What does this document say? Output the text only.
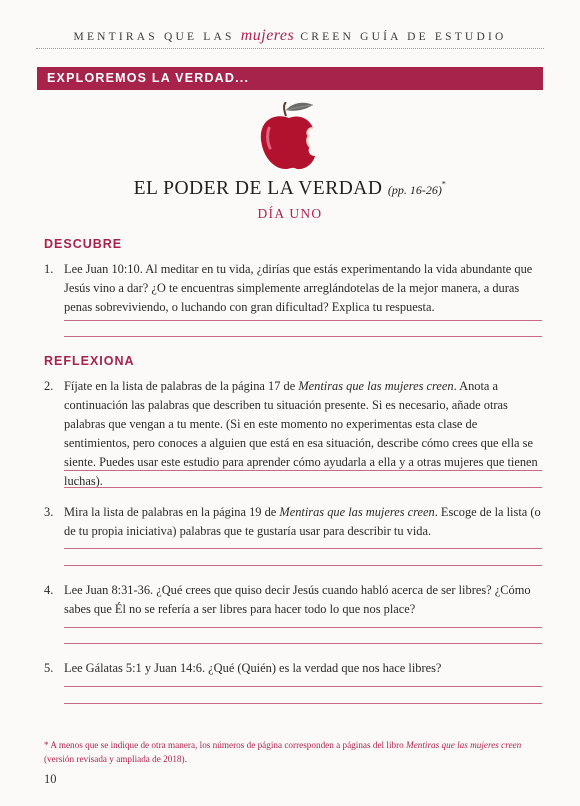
MENTIRAS QUE LAS mujeres CREEN GUÍA DE ESTUDIO
EXPLOREMOS LA VERDAD...
EL PODER DE LA VERDAD (pp. 16-26)*
DÍA UNO
DESCUBRE
1. Lee Juan 10:10. Al meditar en tu vida, ¿dirías que estás experimentando la vida abundante que Jesús vino a dar? ¿O te encuentras simplemente arreglándotelas de la mejor manera, a duras penas sobreviviendo, o luchando con gran dificultad? Explica tu respuesta.
REFLEXIONA
2. Fíjate en la lista de palabras de la página 17 de Mentiras que las mujeres creen. Anota a continuación las palabras que describen tu situación presente. Si es necesario, añade otras palabras que vengan a tu mente. (Si en este momento no experimentas esta clase de sentimientos, pero conoces a alguien que está en esa situación, describe cómo crees que ella se siente. Puedes usar este estudio para aprender cómo ayudarla a ella y a otras mujeres que tienen luchas).
3. Mira la lista de palabras en la página 19 de Mentiras que las mujeres creen. Escoge de la lista (o de tu propia iniciativa) palabras que te gustaría usar para describir tu vida.
4. Lee Juan 8:31-36. ¿Qué crees que quiso decir Jesús cuando habló acerca de ser libres? ¿Cómo sabes que Él no se refería a ser libres para hacer todo lo que nos place?
5. Lee Gálatas 5:1 y Juan 14:6. ¿Qué (Quién) es la verdad que nos hace libres?
* A menos que se indique de otra manera, los números de página corresponden a páginas del libro Mentiras que las mujeres creen (versión revisada y ampliada de 2018).
10
